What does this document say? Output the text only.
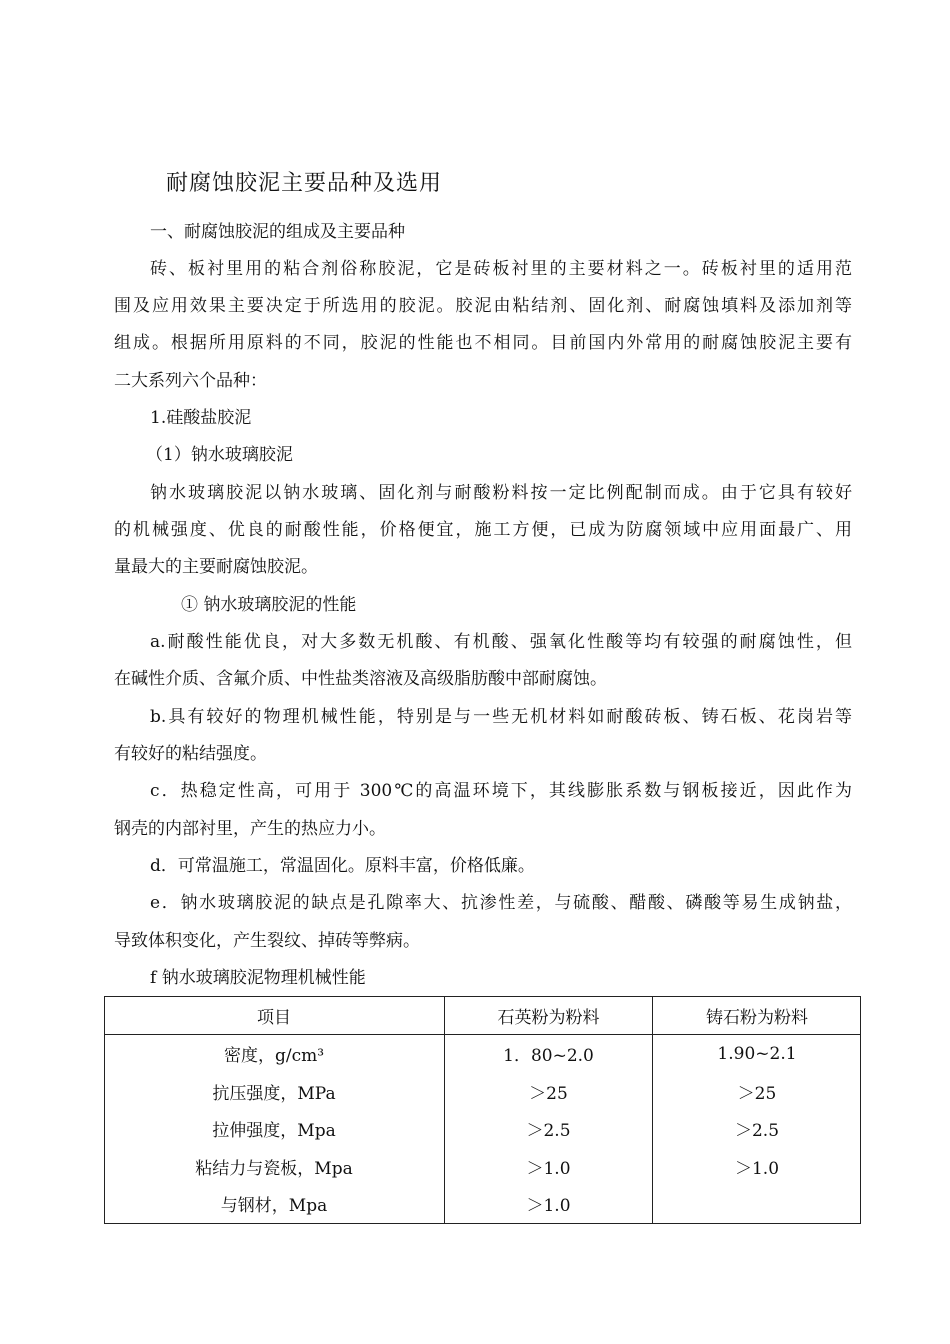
耐腐蚀胶泥主要品种及选用
一、耐腐蚀胶泥的组成及主要品种
砖、板衬里用的粘合剂俗称胶泥，它是砖板衬里的主要材料之一。砖板衬里的适用范
围及应用效果主要决定于所选用的胶泥。胶泥由粘结剂、固化剂、耐腐蚀填料及添加剂等
组成。根据所用原料的不同，胶泥的性能也不相同。目前国内外常用的耐腐蚀胶泥主要有
二大系列六个品种：
1.硅酸盐胶泥
（1）钠水玻璃胶泥
钠水玻璃胶泥以钠水玻璃、固化剂与耐酸粉料按一定比例配制而成。由于它具有较好
的机械强度、优良的耐酸性能，价格便宜，施工方便，已成为防腐领域中应用面最广、用
量最大的主要耐腐蚀胶泥。
① 钠水玻璃胶泥的性能
a.耐酸性能优良，对大多数无机酸、有机酸、强氧化性酸等均有较强的耐腐蚀性，但
在碱性介质、含氟介质、中性盐类溶液及高级脂肪酸中部耐腐蚀。
b.具有较好的物理机械性能，特别是与一些无机材料如耐酸砖板、铸石板、花岗岩等
有较好的粘结强度。
c．热稳定性高，可用于 300℃的高温环境下，其线膨胀系数与钢板接近，因此作为
钢壳的内部衬里，产生的热应力小。
d．可常温施工，常温固化。原料丰富，价格低廉。
e．钠水玻璃胶泥的缺点是孔隙率大、抗渗性差，与硫酸、醋酸、磷酸等易生成钠盐，
导致体积变化，产生裂纹、掉砖等弊病。
f 钠水玻璃胶泥物理机械性能
项目	石英粉为粉料	铸石粉为粉料
密度，g/cm³	1．80~2.0	1.90~2.1
抗压强度，MPa	＞25	＞25
拉伸强度，Mpa	＞2.5	＞2.5
粘结力与瓷板，Mpa	＞1.0	＞1.0
与钢材，Mpa	＞1.0	
